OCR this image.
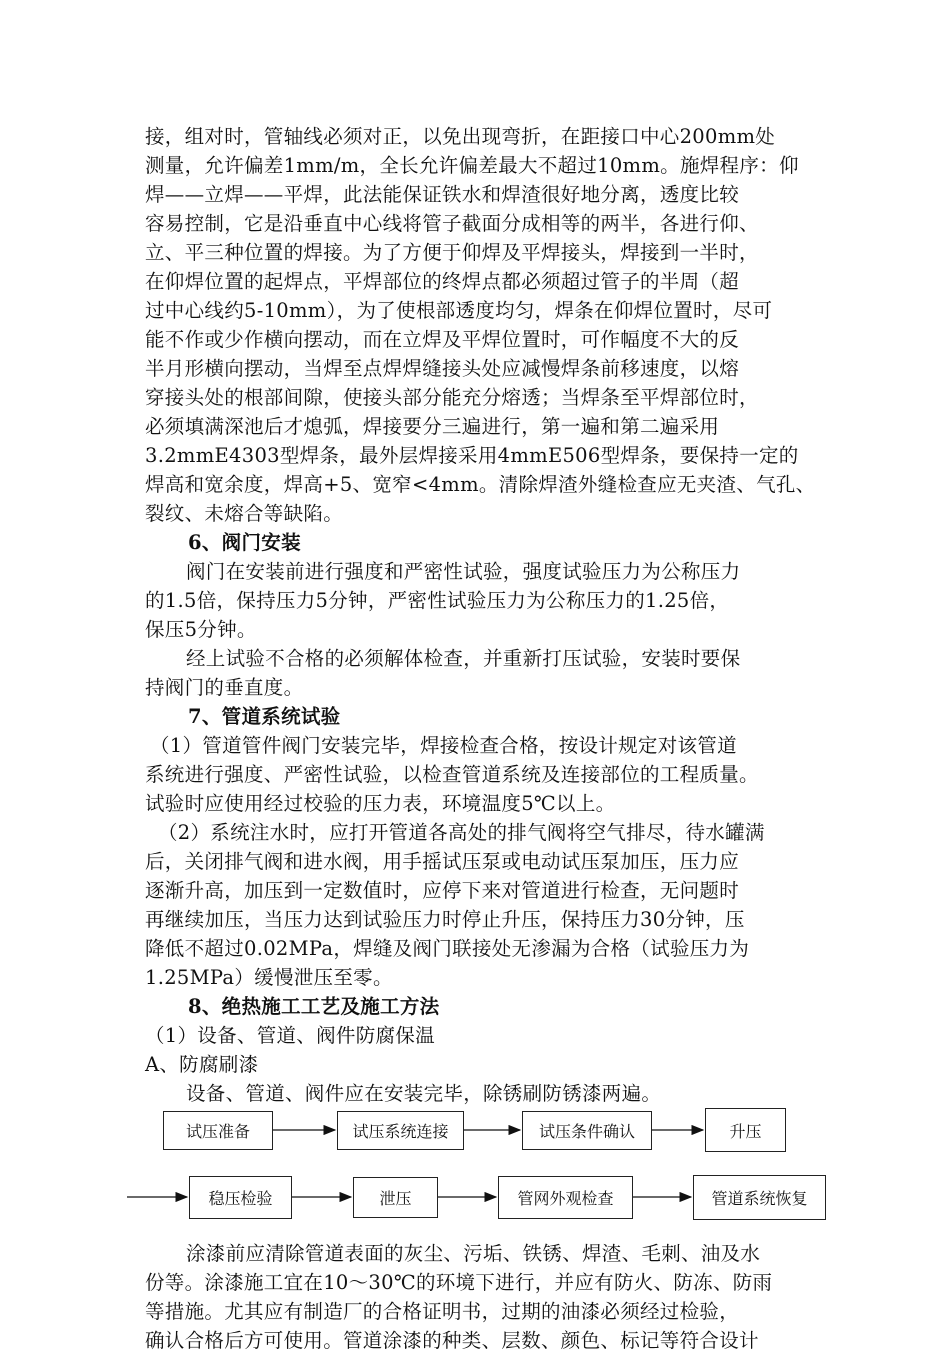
接，组对时，管轴线必须对正，以免出现弯折，在距接口中心200mm处
测量，允许偏差1mm/m，全长允许偏差最大不超过10mm。施焊程序：仰
焊——立焊——平焊，此法能保证铁水和焊渣很好地分离，透度比较
容易控制，它是沿垂直中心线将管子截面分成相等的两半，各进行仰、
立、平三种位置的焊接。为了方便于仰焊及平焊接头，焊接到一半时，
在仰焊位置的起焊点，平焊部位的终焊点都必须超过管子的半周（超
过中心线约5-10mm），为了使根部透度均匀，焊条在仰焊位置时，尽可
能不作或少作横向摆动，而在立焊及平焊位置时，可作幅度不大的反
半月形横向摆动，当焊至点焊焊缝接头处应减慢焊条前移速度，以熔
穿接头处的根部间隙，使接头部分能充分熔透；当焊条至平焊部位时，
必须填满深池后才熄弧，焊接要分三遍进行，第一遍和第二遍采用
3.2mmE4303型焊条，最外层焊接采用4mmE506型焊条，要保持一定的
焊高和宽余度，焊高+5、宽窄<4mm。清除焊渣外缝检查应无夹渣、气孔、
裂纹、未熔合等缺陷。
6、阀门安装
阀门在安装前进行强度和严密性试验，强度试验压力为公称压力
的1.5倍，保持压力5分钟，严密性试验压力为公称压力的1.25倍，
保压5分钟。
经上试验不合格的必须解体检查，并重新打压试验，安装时要保
持阀门的垂直度。
7、管道系统试验
（1）管道管件阀门安装完毕，焊接检查合格，按设计规定对该管道
系统进行强度、严密性试验，以检查管道系统及连接部位的工程质量。
试验时应使用经过校验的压力表，环境温度5℃以上。
（2）系统注水时，应打开管道各高处的排气阀将空气排尽，待水罐满
后，关闭排气阀和进水阀，用手摇试压泵或电动试压泵加压，压力应
逐渐升高，加压到一定数值时，应停下来对管道进行检查，无问题时
再继续加压，当压力达到试验压力时停止升压，保持压力30分钟，压
降低不超过0.02MPa，焊缝及阀门联接处无渗漏为合格（试验压力为
1.25MPa）缓慢泄压至零。
8、绝热施工工艺及施工方法
（1）设备、管道、阀件防腐保温
A、防腐刷漆
设备、管道、阀件应在安装完毕，除锈刷防锈漆两遍。
试压准备	试压系统连接	试压条件确认	升压
稳压检验	泄压	管网外观检查	管道系统恢复
涂漆前应清除管道表面的灰尘、污垢、铁锈、焊渣、毛刺、油及水
份等。涂漆施工宜在10～30℃的环境下进行，并应有防火、防冻、防雨
等措施。尤其应有制造厂的合格证明书，过期的油漆必须经过检验，
确认合格后方可使用。管道涂漆的种类、层数、颜色、标记等符合设计
